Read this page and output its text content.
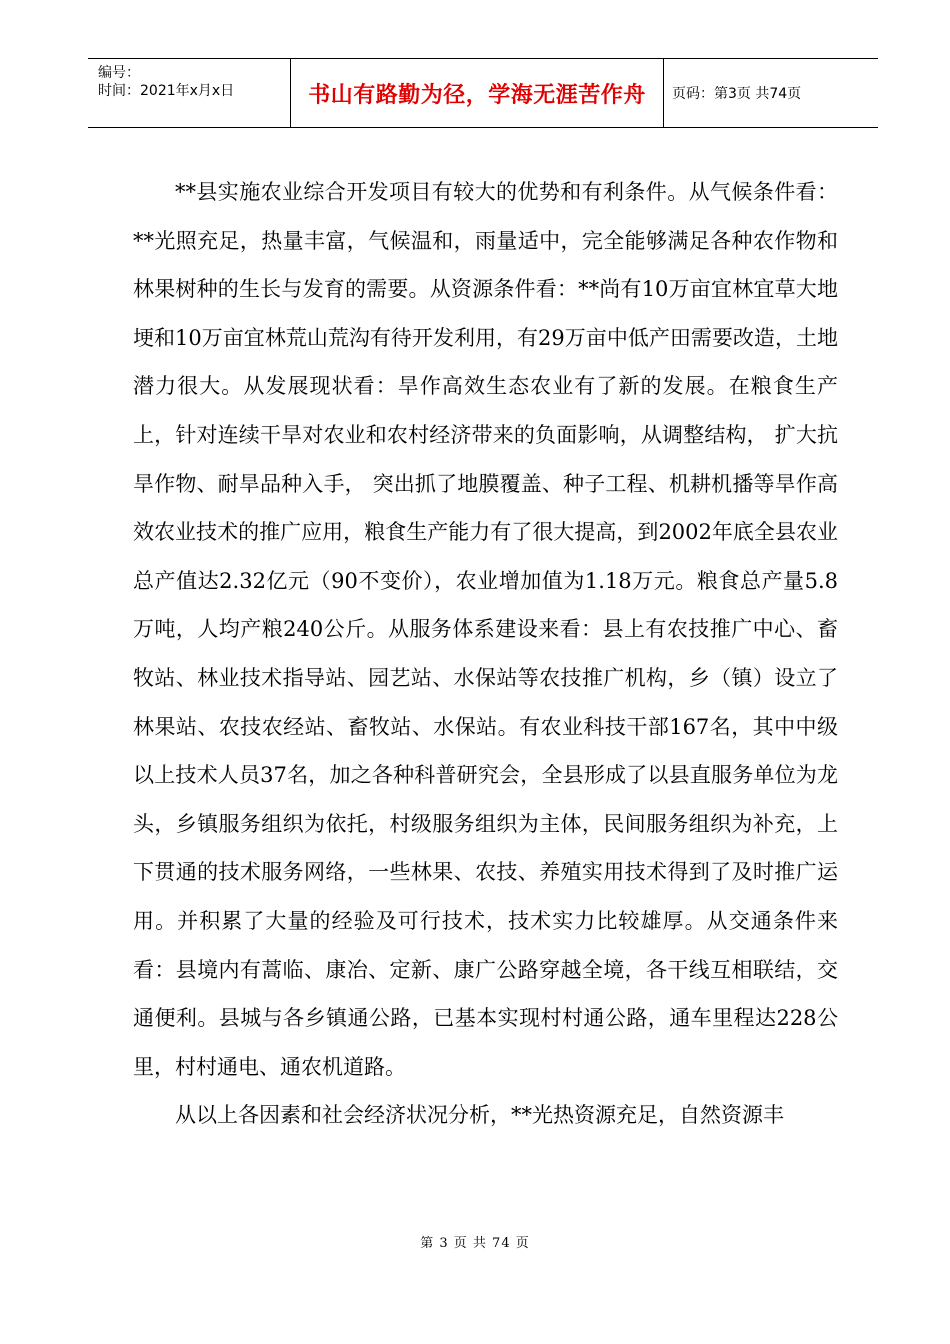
编号：
时间：2021年x月x日	书山有路勤为径，学海无涯苦作舟	页码：第3页 共74页

**县实施农业综合开发项目有较大的优势和有利条件。从气候条件看：**光照充足，热量丰富，气候温和，雨量适中，完全能够满足各种农作物和林果树种的生长与发育的需要。从资源条件看：**尚有10万亩宜林宜草大地埂和10万亩宜林荒山荒沟有待开发利用，有29万亩中低产田需要改造，土地潜力很大。从发展现状看：旱作高效生态农业有了新的发展。在粮食生产上，针对连续干旱对农业和农村经济带来的负面影响，从调整结构， 扩大抗旱作物、耐旱品种入手， 突出抓了地膜覆盖、种子工程、机耕机播等旱作高效农业技术的推广应用，粮食生产能力有了很大提高，到2002年底全县农业总产值达2.32亿元（90不变价），农业增加值为1.18万元。粮食总产量5.8万吨，人均产粮240公斤。从服务体系建设来看：县上有农技推广中心、畜牧站、林业技术指导站、园艺站、水保站等农技推广机构，乡（镇）设立了林果站、农技农经站、畜牧站、水保站。有农业科技干部167名，其中中级以上技术人员37名，加之各种科普研究会，全县形成了以县直服务单位为龙头，乡镇服务组织为依托，村级服务组织为主体，民间服务组织为补充，上下贯通的技术服务网络，一些林果、农技、养殖实用技术得到了及时推广运用。并积累了大量的经验及可行技术，技术实力比较雄厚。从交通条件来看：县境内有蒿临、康冶、定新、康广公路穿越全境，各干线互相联结，交通便利。县城与各乡镇通公路，已基本实现村村通公路，通车里程达228公里，村村通电、通农机道路。

从以上各因素和社会经济状况分析，**光热资源充足，自然资源丰

第 3 页 共 74 页
